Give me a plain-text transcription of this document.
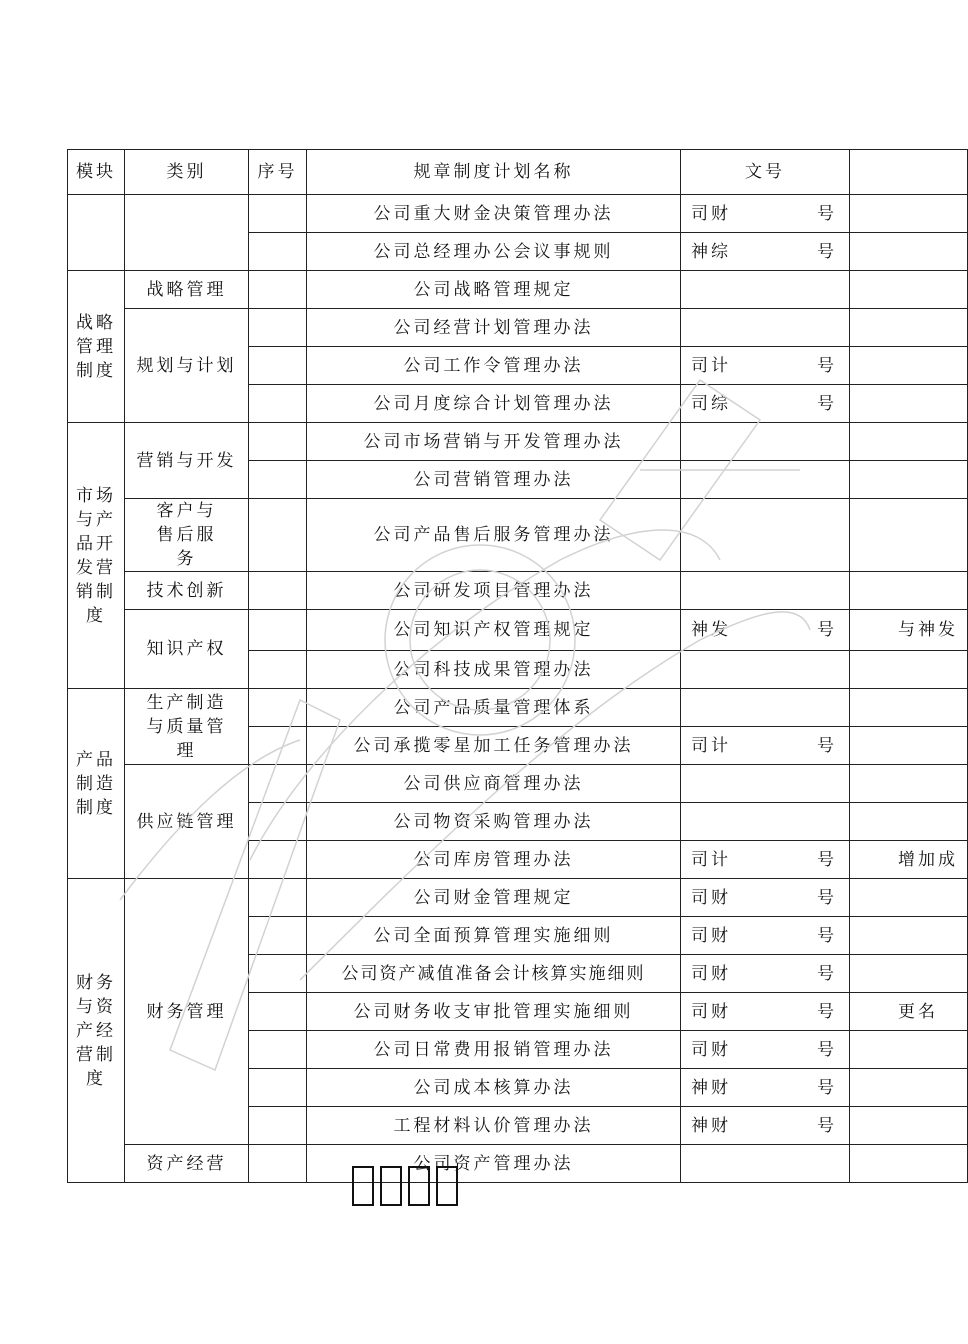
模块	类别	序号	规章制度计划名称	文号	
			公司重大财金决策管理办法	司财 号	

			公司总经理办公会议事规则	神综 号	

战略管理制度	战略管理		公司战略管理规定	

	规划与计划		公司经营计划管理办法	

			公司工作令管理办法	司计 号	

			公司月度综合计划管理办法	司综 号	

市场与产品开发营销制度	营销与开发		公司市场营销与开发管理办法	

			公司营销管理办法	

	客户与售后服务		公司产品售后服务管理办法	

	技术创新		公司研发项目管理办法	

	知识产权		公司知识产权管理规定	神发 号	与神发

			公司科技成果管理办法	

产品制造制度	生产制造与质量管理		公司产品质量管理体系	

			公司承揽零星加工任务管理办法	司计 号	

	供应链管理		公司供应商管理办法	

			公司物资采购管理办法	

			公司库房管理办法	司计 号	增加成

财务与资产经营制度	财务管理		公司财金管理规定	司财 号	

			公司全面预算管理实施细则	司财 号	

			公司资产减值准备会计核算实施细则	司财 号	

			公司财务收支审批管理实施细则	司财 号	更名

			公司日常费用报销管理办法	司财 号	

			公司成本核算办法	神财 号	

			工程材料认价管理办法	神财 号	

	资产经营		公司资产管理办法	
